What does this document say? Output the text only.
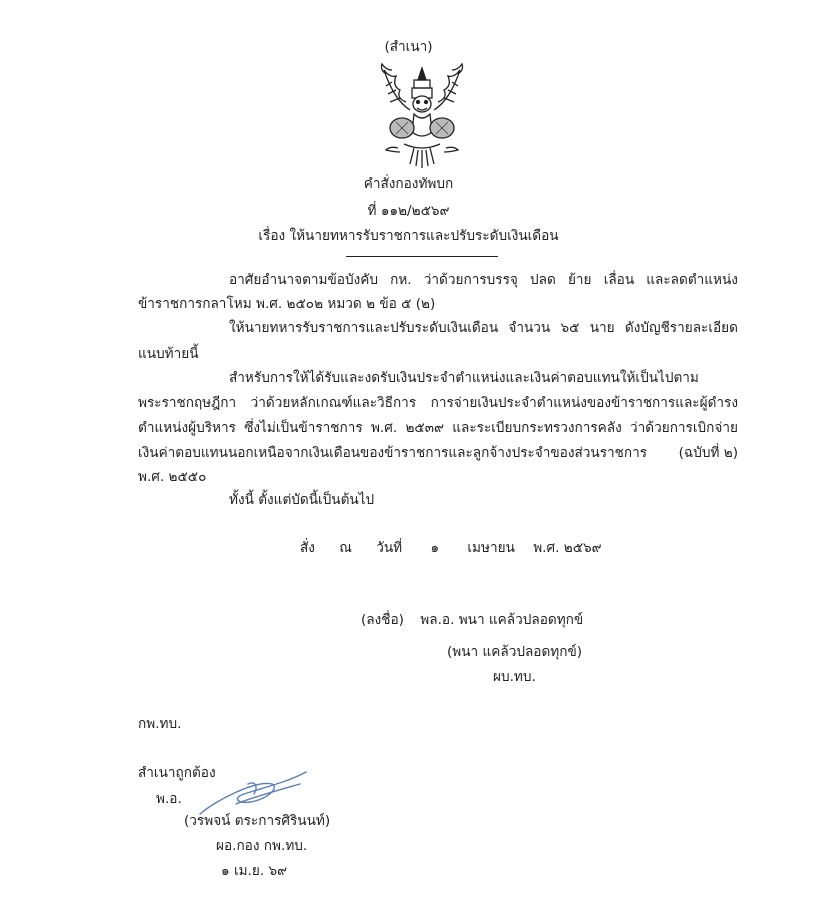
(สำเนา)
คำสั่งกองทัพบก
ที่ ๑๑๒/๒๕๖๙
เรื่อง ให้นายทหารรับราชการและปรับระดับเงินเดือน
อาศัยอำนาจตามข้อบังคับ กห. ว่าด้วยการบรรจุ ปลด ย้าย เลื่อน และลดตำแหน่ง
ข้าราชการกลาโหม พ.ศ. ๒๕๐๒ หมวด ๒ ข้อ ๕ (๒)
ให้นายทหารรับราชการและปรับระดับเงินเดือน จำนวน ๖๕ นาย ดังบัญชีรายละเอียด
แนบท้ายนี้
สำหรับการให้ได้รับและงดรับเงินประจำตำแหน่งและเงินค่าตอบแทนให้เป็นไปตาม
พระราชกฤษฎีกา ว่าด้วยหลักเกณฑ์และวิธีการ การจ่ายเงินประจำตำแหน่งของข้าราชการและผู้ดำรง
ตำแหน่งผู้บริหาร ซึ่งไม่เป็นข้าราชการ พ.ศ. ๒๕๓๙ และระเบียบกระทรวงการคลัง ว่าด้วยการเบิกจ่าย
เงินค่าตอบแทนนอกเหนือจากเงินเดือนของข้าราชการและลูกจ้างประจำของส่วนราชการ (ฉบับที่ ๒)
พ.ศ. ๒๕๕๐
ทั้งนี้ ตั้งแต่บัดนี้เป็นต้นไป
สั่ง ณ วันที่ ๑ เมษายน พ.ศ. ๒๕๖๙
(ลงชื่อ) พล.อ. พนา แคล้วปลอดทุกข์
(พนา แคล้วปลอดทุกข์)
ผบ.ทบ.
กพ.ทบ.
สำเนาถูกต้อง
พ.อ.
(วรพจน์ ตระการศิรินนท์)
ผอ.กอง กพ.ทบ.
๑ เม.ย. ๖๙
